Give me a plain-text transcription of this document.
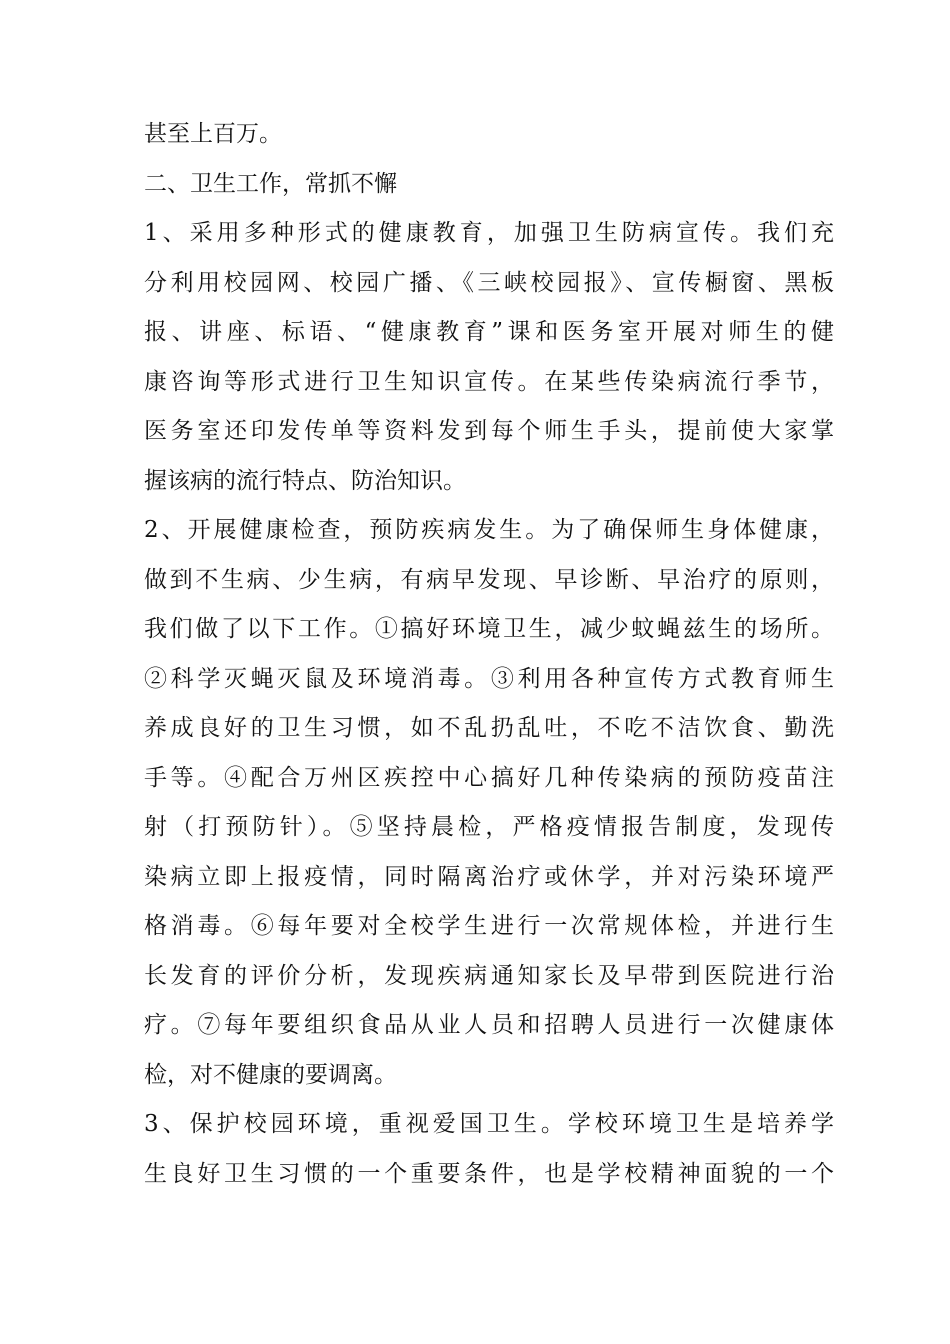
甚至上百万。
二、卫生工作，常抓不懈
1、采用多种形式的健康教育，加强卫生防病宣传。我们充
分利用校园网、校园广播、《三峡校园报》、宣传橱窗、黑板
报、讲座、标语、“健康教育”课和医务室开展对师生的健
康咨询等形式进行卫生知识宣传。在某些传染病流行季节，
医务室还印发传单等资料发到每个师生手头，提前使大家掌
握该病的流行特点、防治知识。
2、开展健康检查，预防疾病发生。为了确保师生身体健康，
做到不生病、少生病，有病早发现、早诊断、早治疗的原则，
我们做了以下工作。①搞好环境卫生，减少蚊蝇兹生的场所。
②科学灭蝇灭鼠及环境消毒。③利用各种宣传方式教育师生
养成良好的卫生习惯，如不乱扔乱吐，不吃不洁饮食、勤洗
手等。④配合万州区疾控中心搞好几种传染病的预防疫苗注
射（打预防针）。⑤坚持晨检，严格疫情报告制度，发现传
染病立即上报疫情，同时隔离治疗或休学，并对污染环境严
格消毒。⑥每年要对全校学生进行一次常规体检，并进行生
长发育的评价分析，发现疾病通知家长及早带到医院进行治
疗。⑦每年要组织食品从业人员和招聘人员进行一次健康体
检，对不健康的要调离。
3、保护校园环境，重视爱国卫生。学校环境卫生是培养学
生良好卫生习惯的一个重要条件，也是学校精神面貌的一个
